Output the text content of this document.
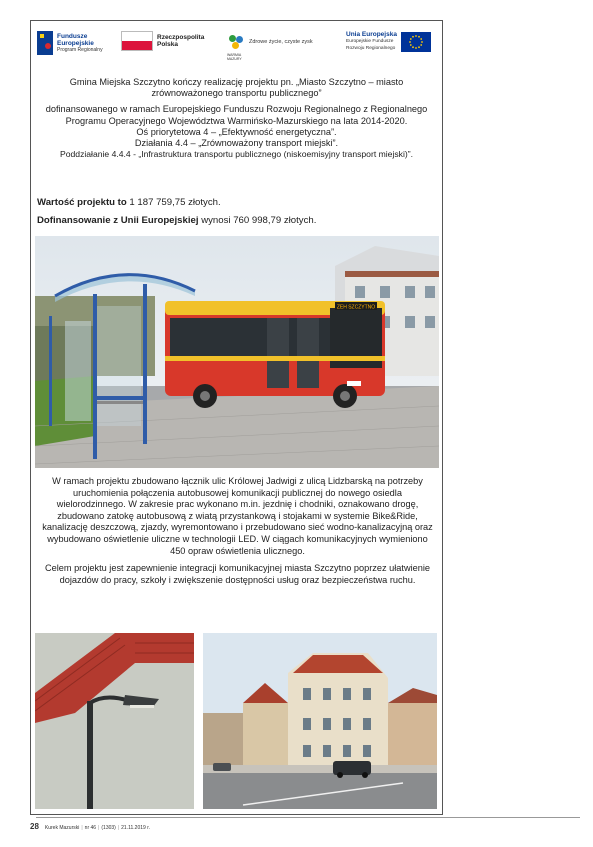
Fundusze
Europejskie
Program Regionalny
Rzeczpospolita
Polska
WARMIA MAZURY
Zdrowe życie, czyste zysk
Unia Europejska
Europejskie Fundusze
Rozwoju Regionalnego

Gmina Miejska Szczytno kończy realizację projektu pn. „Miasto Szczytno – miasto zrównoważonego transportu publicznego”

dofinansowanego w ramach Europejskiego Funduszu Rozwoju Regionalnego z Regionalnego Programu Operacyjnego Województwa Warmińsko-Mazurskiego na lata 2014-2020.

Oś priorytetowa 4 – „Efektywność energetyczna”.

Działania 4.4 – „Zrównoważony transport miejski”.

Poddziałanie 4.4.4 - „Infrastruktura transportu publicznego (niskoemisyjny transport miejski)”.

Wartość projektu to 1 187 759,75 złotych.
Dofinansowanie z Unii Europejskiej wynosi 760 998,79 złotych.
ZEH SZCZYTNO

W ramach projektu zbudowano łącznik ulic Królowej Jadwigi z ulicą Lidzbarską na potrzeby uruchomienia połączenia autobusowej komunikacji publicznej do nowego osiedla wielorodzinnego. W zakresie prac wykonano m.in. jezdnię i chodniki, oznakowano drogę, zbudowano zatokę autobusową z wiatą przystankową i stojakami w systemie Bike&Ride, kanalizację deszczową, zjazdy, wyremontowano i przebudowano sieć wodno-kanalizacyjną oraz wybudowano oświetlenie uliczne w technologii LED. W ciągach komunikacyjnych wymieniono 450 opraw oświetlenia ulicznego.

Celem projektu jest zapewnienie integracji komunikacyjnej miasta Szczytno poprzez ułatwienie dojazdów do pracy, szkoły i zwiększenie dostępności usług oraz bezpieczeństwa ruchu.

28 Kurek Mazurski | nr 46 | (1303) | 21.11.2019 r.
